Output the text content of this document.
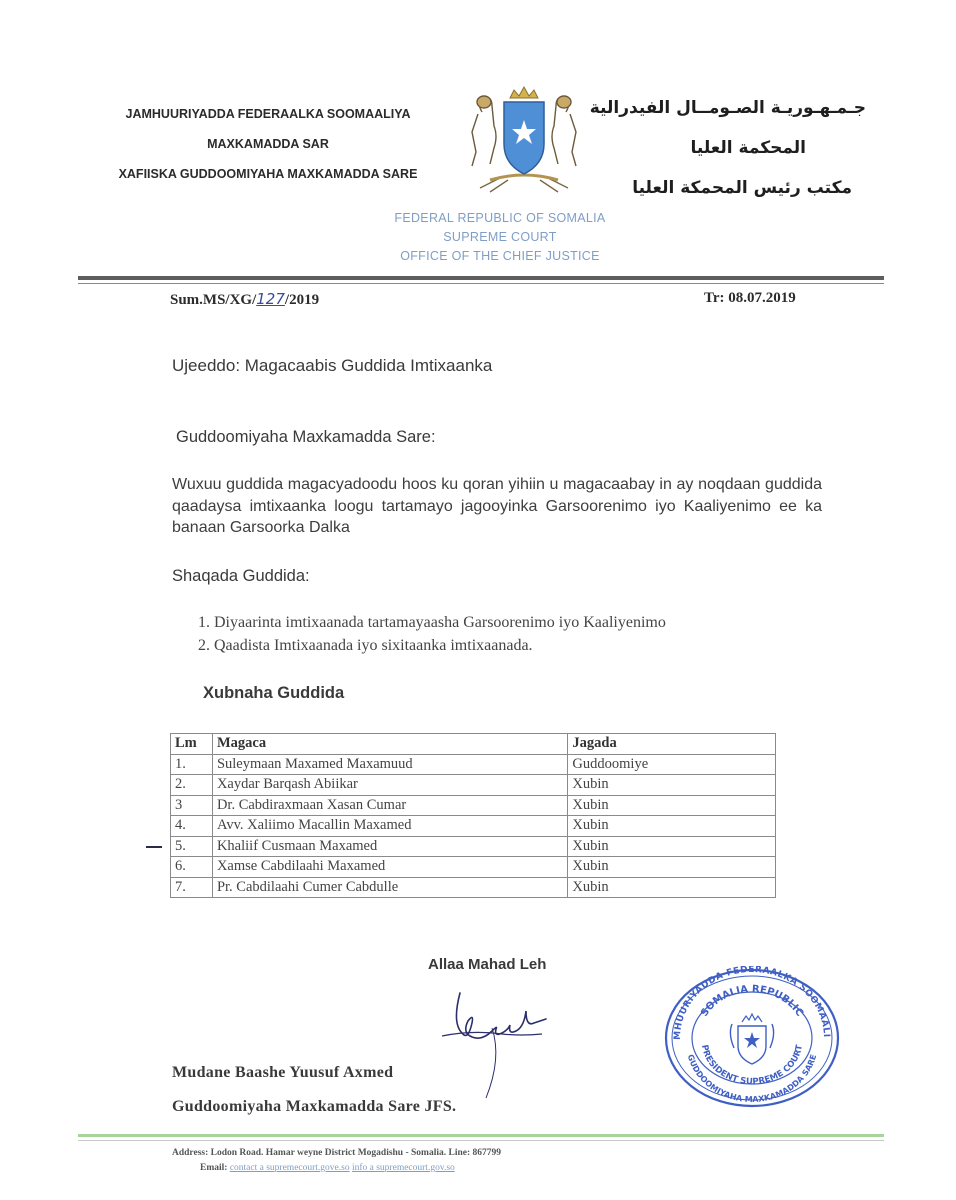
JAMHUURIYADDA FEDERAALKA SOOMAALIYA
MAXKAMADDA SAR
XAFIISKA GUDDOOMIYAHA MAXKAMADDA SARE
جـمـهـوريـة الصـومــال الفيدرالية
المحكمة العليا
مكتب رئيس المحمكة العليا
FEDERAL REPUBLIC OF SOMALIA
SUPREME COURT
OFFICE OF THE CHIEF JUSTICE
Sum.MS/XG/127/2019	Tr: 08.07.2019
Ujeeddo: Magacaabis Guddida Imtixaanka
Guddoomiyaha Maxkamadda Sare:
Wuxuu guddida magacyadoodu hoos ku qoran yihiin u magacaabay in ay noqdaan guddida qaadaysa imtixaanka loogu tartamayo jagooyinka Garsoorenimo iyo Kaaliyenimo ee ka banaan Garsoorka Dalka
Shaqada Guddida:
1. Diyaarinta imtixaanada tartamayaasha Garsoorenimo iyo Kaaliyenimo
2. Qaadista Imtixaanada iyo sixitaanka imtixaanada.
Xubnaha Guddida
Lm	Magaca	Jagada
1.	Suleymaan Maxamed Maxamuud	Guddoomiye
2.	Xaydar Barqash Abiikar	Xubin
3	Dr. Cabdiraxmaan Xasan Cumar	Xubin
4.	Avv. Xaliimo Macallin Maxamed	Xubin
5.	Khaliif Cusmaan Maxamed	Xubin
6.	Xamse Cabdilaahi Maxamed	Xubin
7.	Pr. Cabdilaahi Cumer Cabdulle	Xubin
Allaa Mahad Leh
Mudane Baashe Yuusuf Axmed
Guddoomiyaha Maxkamadda Sare JFS.
MHUURIYADDA FEDERAALKA SOOMAALI
GUDDOOMIYAHA MAXKAMADDA SARE
SOMALIA REPUBLIC
PRESIDENT SUPREME COURT
Address: Lodon Road. Hamar weyne District Mogadishu - Somalia. Line: 867799
Email: contact a supremecourt.gove.so info a supremecourt.gov.so
